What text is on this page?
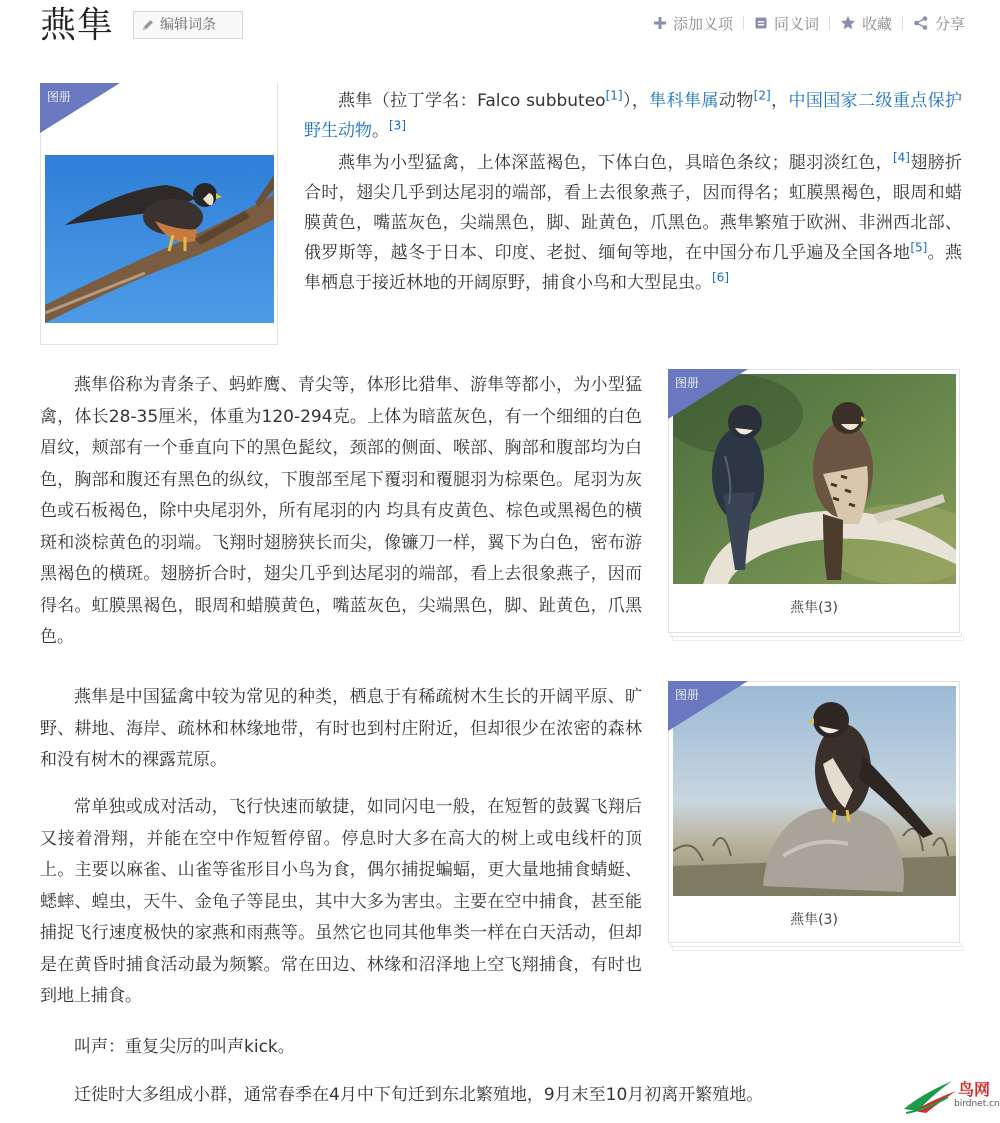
燕隼	编辑词条	添加义项	同义词	收藏	分享
图册	燕隼（拉丁学名：Falco subbuteo[1]），隼科隼属动物[2]，中国国家二级重点保护野生动物。[3]

燕隼为小型猛禽，上体深蓝褐色，下体白色，具暗色条纹；腿羽淡红色，[4]翅膀折合时，翅尖几乎到达尾羽的端部，看上去很象燕子，因而得名；虹膜黑褐色，眼周和蜡膜黄色，嘴蓝灰色，尖端黑色，脚、趾黄色，爪黑色。燕隼繁殖于欧洲、非洲西北部、俄罗斯等，越冬于日本、印度、老挝、缅甸等地，在中国分布几乎遍及全国各地[5]。燕隼栖息于接近林地的开阔原野，捕食小鸟和大型昆虫。[6]

图册
燕隼(3)

燕隼俗称为青条子、蚂蚱鹰、青尖等，体形比猎隼、游隼等都小，为小型猛禽，体长28-35厘米，体重为120-294克。上体为暗蓝灰色，有一个细细的白色眉纹，颊部有一个垂直向下的黑色髭纹，颈部的侧面、喉部、胸部和腹部均为白色，胸部和腹还有黑色的纵纹，下腹部至尾下覆羽和覆腿羽为棕栗色。尾羽为灰色或石板褐色，除中央尾羽外，所有尾羽的内 均具有皮黄色、棕色或黑褐色的横斑和淡棕黄色的羽端。飞翔时翅膀狭长而尖，像镰刀一样，翼下为白色，密布游黑褐色的横斑。翅膀折合时，翅尖几乎到达尾羽的端部，看上去很象燕子，因而得名。虹膜黑褐色，眼周和蜡膜黄色，嘴蓝灰色，尖端黑色，脚、趾黄色，爪黑色。

图册
燕隼(3)

燕隼是中国猛禽中较为常见的种类，栖息于有稀疏树木生长的开阔平原、旷野、耕地、海岸、疏林和林缘地带，有时也到村庄附近，但却很少在浓密的森林和没有树木的裸露荒原。

常单独或成对活动，飞行快速而敏捷，如同闪电一般，在短暂的鼓翼飞翔后又接着滑翔，并能在空中作短暂停留。停息时大多在高大的树上或电线杆的顶上。主要以麻雀、山雀等雀形目小鸟为食，偶尔捕捉蝙蝠，更大量地捕食蜻蜓、蟋蟀、蝗虫，天牛、金龟子等昆虫，其中大多为害虫。主要在空中捕食，甚至能捕捉飞行速度极快的家燕和雨燕等。虽然它也同其他隼类一样在白天活动，但却是在黄昏时捕食活动最为频繁。常在田边、林缘和沼泽地上空飞翔捕食，有时也到地上捕食。

叫声：重复尖厉的叫声kick。

迁徙时大多组成小群，通常春季在4月中下旬迁到东北繁殖地，9月末至10月初离开繁殖地。	鸟网
birdnet.cn
